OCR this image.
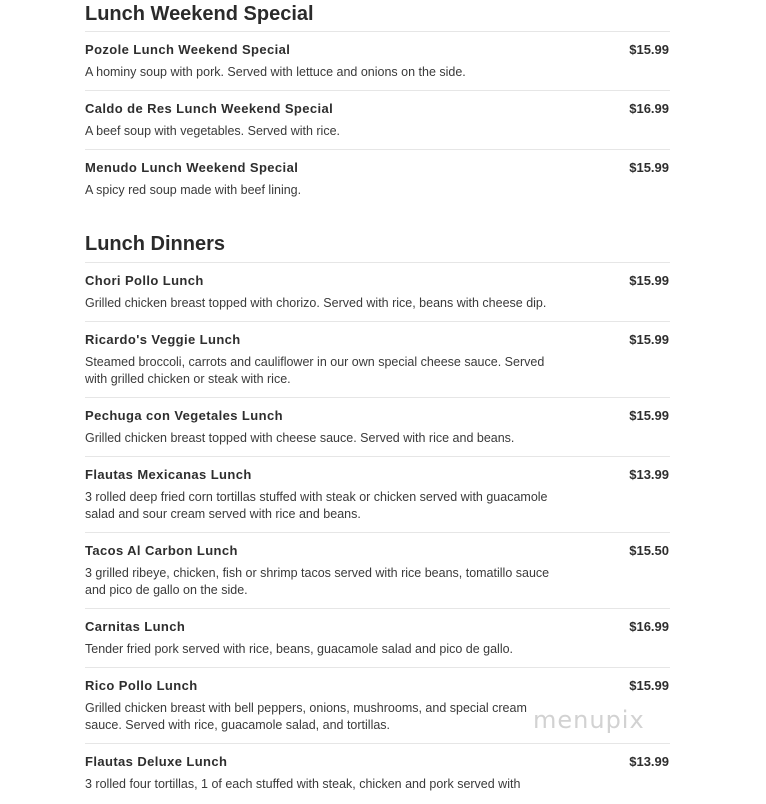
Lunch Weekend Special
Pozole Lunch Weekend Special	$15.99
A hominy soup with pork. Served with lettuce and onions on the side.
Caldo de Res Lunch Weekend Special	$16.99
A beef soup with vegetables. Served with rice.
Menudo Lunch Weekend Special	$15.99
A spicy red soup made with beef lining.
Lunch Dinners
Chori Pollo Lunch	$15.99
Grilled chicken breast topped with chorizo. Served with rice, beans with cheese dip.
Ricardo's Veggie Lunch	$15.99
Steamed broccoli, carrots and cauliflower in our own special cheese sauce. Served with grilled chicken or steak with rice.
Pechuga con Vegetales Lunch	$15.99
Grilled chicken breast topped with cheese sauce. Served with rice and beans.
Flautas Mexicanas Lunch	$13.99
3 rolled deep fried corn tortillas stuffed with steak or chicken served with guacamole salad and sour cream served with rice and beans.
Tacos Al Carbon Lunch	$15.50
3 grilled ribeye, chicken, fish or shrimp tacos served with rice beans, tomatillo sauce and pico de gallo on the side.
Carnitas Lunch	$16.99
Tender fried pork served with rice, beans, guacamole salad and pico de gallo.
Rico Pollo Lunch	$15.99
Grilled chicken breast with bell peppers, onions, mushrooms, and special cream sauce. Served with rice, guacamole salad, and tortillas.
Flautas Deluxe Lunch	$13.99
3 rolled four tortillas, 1 of each stuffed with steak, chicken and pork served with
menupix
